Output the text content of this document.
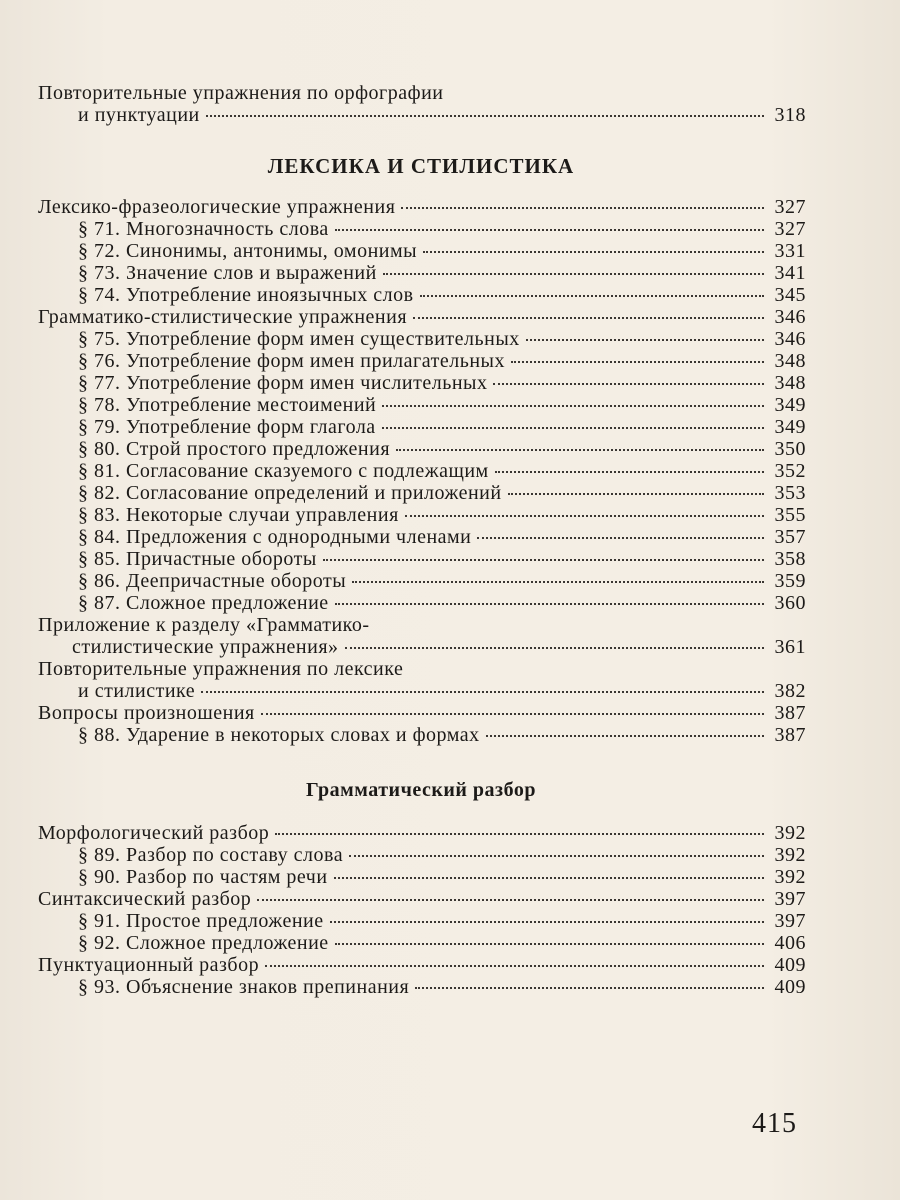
Повторительные упражнения по орфографии
и пунктуации	318
ЛЕКСИКА И СТИЛИСТИКА
Лексико-фразеологические упражнения	327
§ 71. Многозначность слова	327
§ 72. Синонимы, антонимы, омонимы	331
§ 73. Значение слов и выражений	341
§ 74. Употребление иноязычных слов	345
Грамматико-стилистические упражнения	346
§ 75. Употребление форм имен существительных	346
§ 76. Употребление форм имен прилагательных	348
§ 77. Употребление форм имен числительных	348
§ 78. Употребление местоимений	349
§ 79. Употребление форм глагола	349
§ 80. Строй простого предложения	350
§ 81. Согласование сказуемого с подлежащим	352
§ 82. Согласование определений и приложений	353
§ 83. Некоторые случаи управления	355
§ 84. Предложения с однородными членами	357
§ 85. Причастные обороты	358
§ 86. Деепричастные обороты	359
§ 87. Сложное предложение	360
Приложение к разделу «Грамматико-
стилистические упражнения»	361
Повторительные упражнения по лексике
и стилистике	382
Вопросы произношения	387
§ 88. Ударение в некоторых словах и формах	387
Грамматический разбор
Морфологический разбор	392
§ 89. Разбор по составу слова	392
§ 90. Разбор по частям речи	392
Синтаксический разбор	397
§ 91. Простое предложение	397
§ 92. Сложное предложение	406
Пунктуационный разбор	409
§ 93. Объяснение знаков препинания	409
415
